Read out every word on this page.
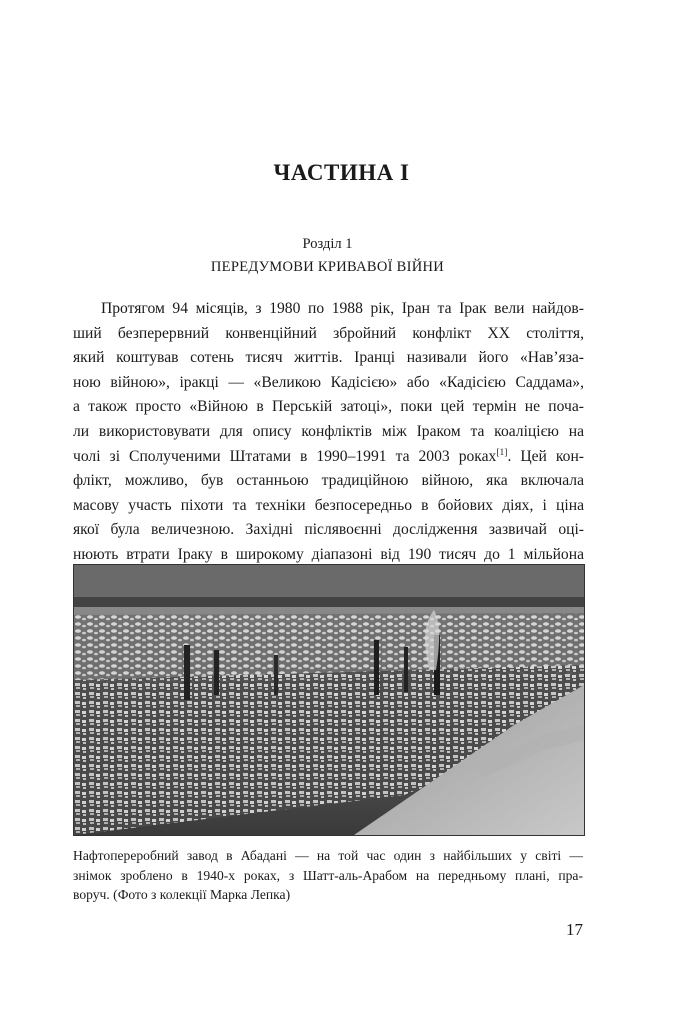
ЧАСТИНА I
Розділ 1
ПЕРЕДУМОВИ КРИВАВОЇ ВІЙНИ
Протягом 94 місяців, з 1980 по 1988 рік, Іран та Ірак вели найдов-
ший безперервний конвенційний збройний конфлікт XX століття,
який коштував сотень тисяч життів. Іранці називали його «Нав’яза-
ною війною», іракці — «Великою Кадісією» або «Кадісією Саддама»,
а також просто «Війною в Перській затоці», поки цей термін не поча-
ли використовувати для опису конфліктів між Іраком та коаліцією на
чолі зі Сполученими Штатами в 1990–1991 та 2003 роках[1]. Цей кон-
флікт, можливо, був останньою традиційною війною, яка включала
масову участь піхоти та техніки безпосередньо в бойових діях, і ціна
якої була величезною. Західні післявоєнні дослідження зазвичай оці-
нюють втрати Іраку в широкому діапазоні від 190 тисяч до 1 мільйона
Нафтопереробний завод в Абадані — на той час один з найбільших у світі —
знімок зроблено в 1940-х роках, з Шатт-аль-Арабом на передньому плані, пра-
воруч. (Фото з колекції Марка Лепка)
17
